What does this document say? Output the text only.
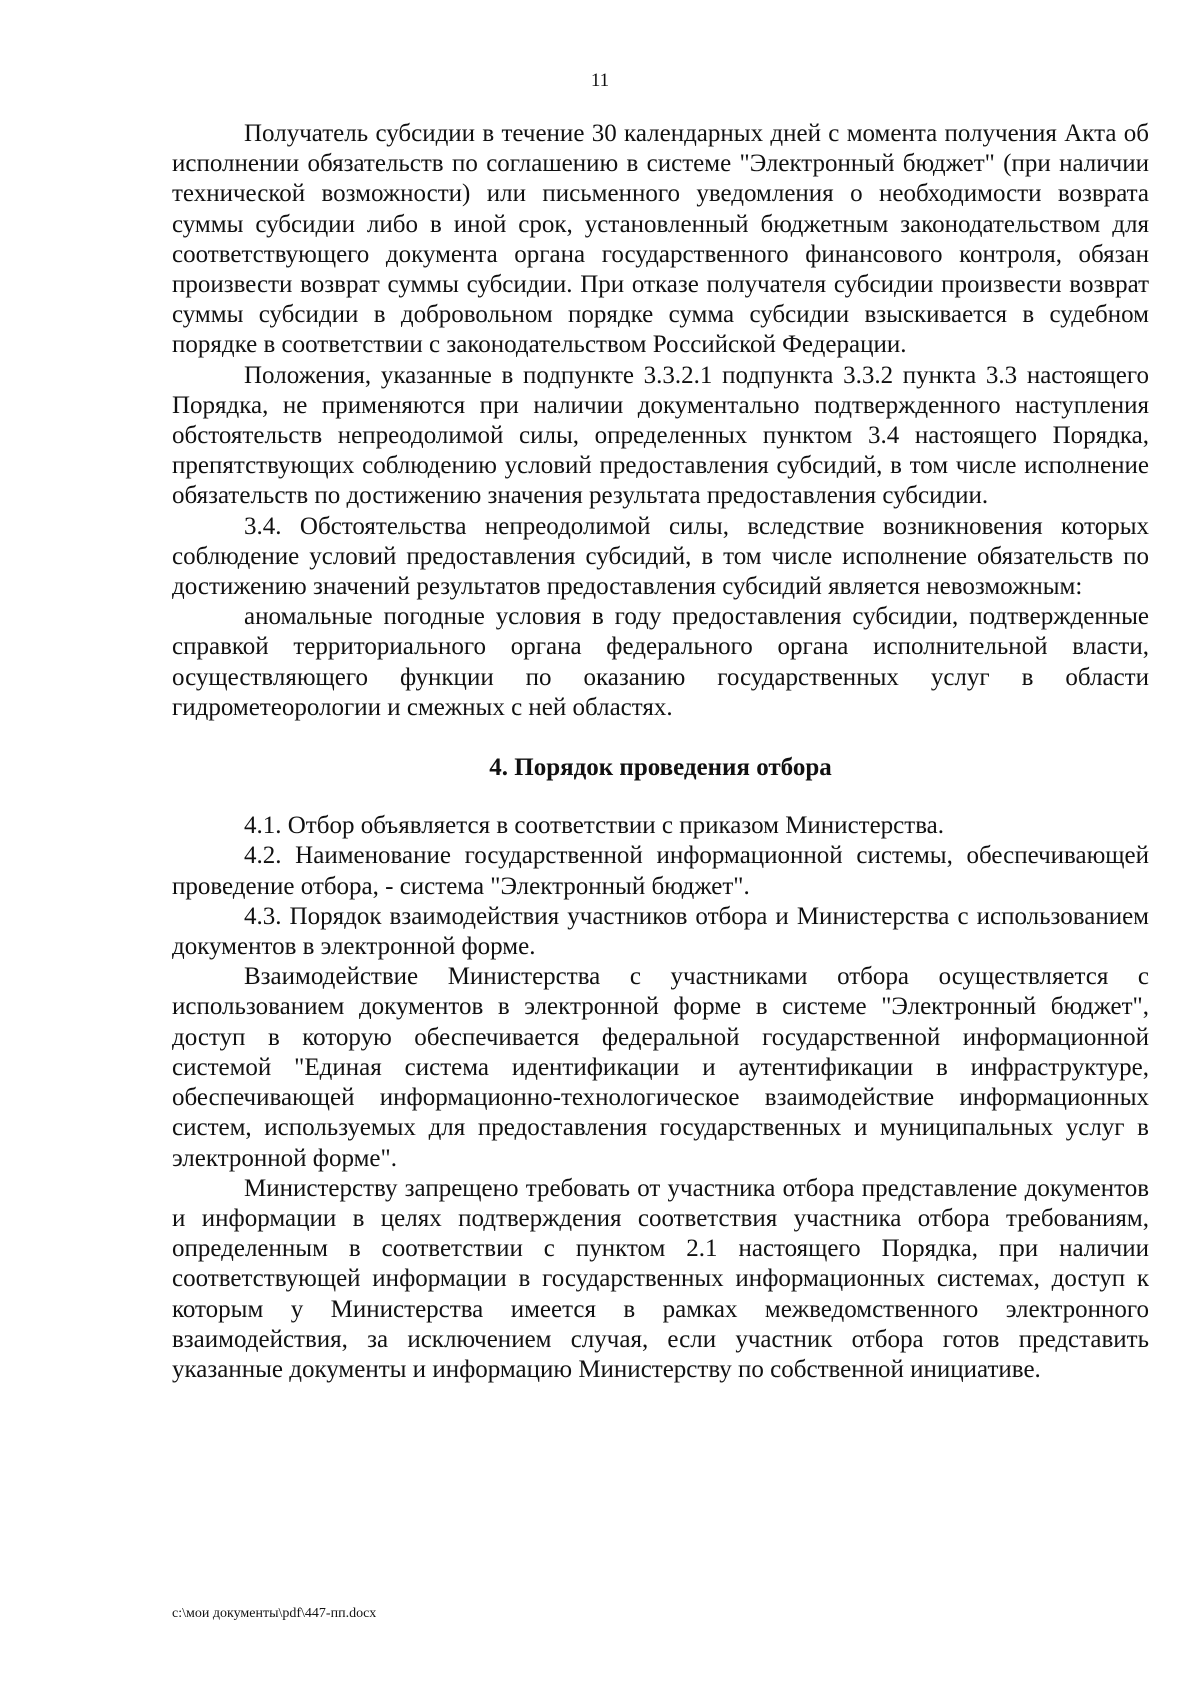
11

Получатель субсидии в течение 30 календарных дней с момента получения Акта об исполнении обязательств по соглашению в системе "Электронный бюджет" (при наличии технической возможности) или письменного уведомления о необходимости возврата суммы субсидии либо в иной срок, установленный бюджетным законодательством для соответствующего документа органа государственного финансового контроля, обязан произвести возврат суммы субсидии. При отказе получателя субсидии произвести возврат суммы субсидии в добровольном порядке сумма субсидии взыскивается в судебном порядке в соответствии с законодательством Российской Федерации.

Положения, указанные в подпункте 3.3.2.1 подпункта 3.3.2 пункта 3.3 настоящего Порядка, не применяются при наличии документально подтвержденного наступления обстоятельств непреодолимой силы, определенных пунктом 3.4 настоящего Порядка, препятствующих соблюдению условий предоставления субсидий, в том числе исполнение обязательств по достижению значения результата предоставления субсидии.

3.4. Обстоятельства непреодолимой силы, вследствие возникновения которых соблюдение условий предоставления субсидий, в том числе исполнение обязательств по достижению значений результатов предоставления субсидий является невозможным:

аномальные погодные условия в году предоставления субсидии, подтвержденные справкой территориального органа федерального органа исполнительной власти, осуществляющего функции по оказанию государственных услуг в области гидрометеорологии и смежных с ней областях.

4. Порядок проведения отбора

4.1. Отбор объявляется в соответствии с приказом Министерства.

4.2. Наименование государственной информационной системы, обеспечивающей проведение отбора, - система "Электронный бюджет".

4.3. Порядок взаимодействия участников отбора и Министерства с использованием документов в электронной форме.

Взаимодействие Министерства с участниками отбора осуществляется с использованием документов в электронной форме в системе "Электронный бюджет", доступ в которую обеспечивается федеральной государственной информационной системой "Единая система идентификации и аутентификации в инфраструктуре, обеспечивающей информационно-технологическое взаимодействие информационных систем, используемых для предоставления государственных и муниципальных услуг в электронной форме".

Министерству запрещено требовать от участника отбора представление документов и информации в целях подтверждения соответствия участника отбора требованиям, определенным в соответствии с пунктом 2.1 настоящего Порядка, при наличии соответствующей информации в государственных информационных системах, доступ к которым у Министерства имеется в рамках межведомственного электронного взаимодействия, за исключением случая, если участник отбора готов представить указанные документы и информацию Министерству по собственной инициативе.

c:\мои документы\pdf\447-пп.docx
